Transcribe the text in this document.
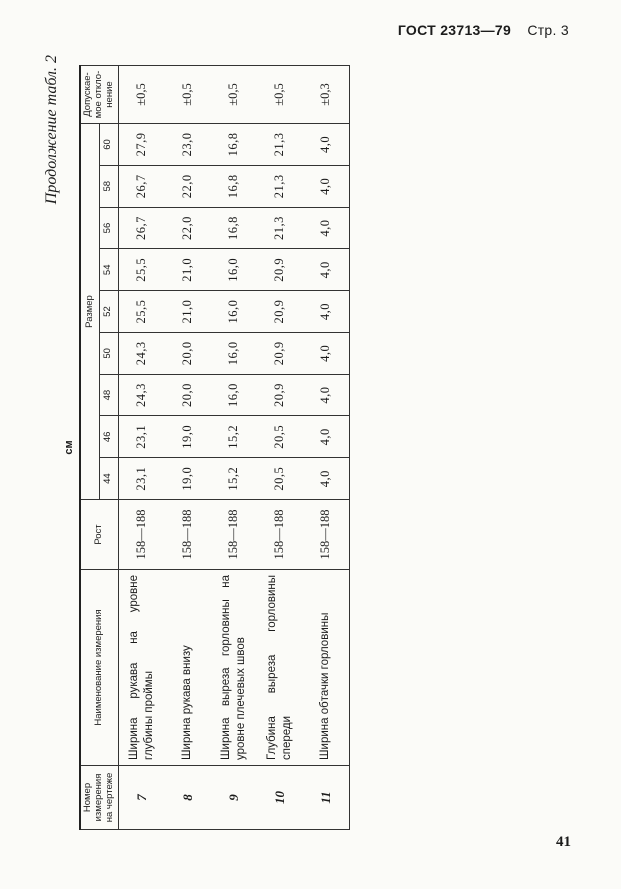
ГОСТ 23713—79 Стр. 3
Продолжение табл. 2
см
Номер измерения на чертеже	Наименование измерения	Рост	Размер									Допускаемое отклонение
			44	46	48	50	52	54	56	58	60	
7	Ширина рукава на уровне глубины проймы	158—188	23,1	23,1	24,3	24,3	25,5	25,5	26,7	26,7	27,9	±0,5
8	Ширина рукава внизу	158—188	19,0	19,0	20,0	20,0	21,0	21,0	22,0	22,0	23,0	±0,5
9	Ширина выреза горловины на уровне плечевых швов	158—188	15,2	15,2	16,0	16,0	16,0	16,0	16,8	16,8	16,8	±0,5
10	Глубина выреза горловины спереди	158—188	20,5	20,5	20,9	20,9	20,9	20,9	21,3	21,3	21,3	±0,5
11	Ширина обтачки горловины	158—188	4,0	4,0	4,0	4,0	4,0	4,0	4,0	4,0	4,0	±0,3
41
